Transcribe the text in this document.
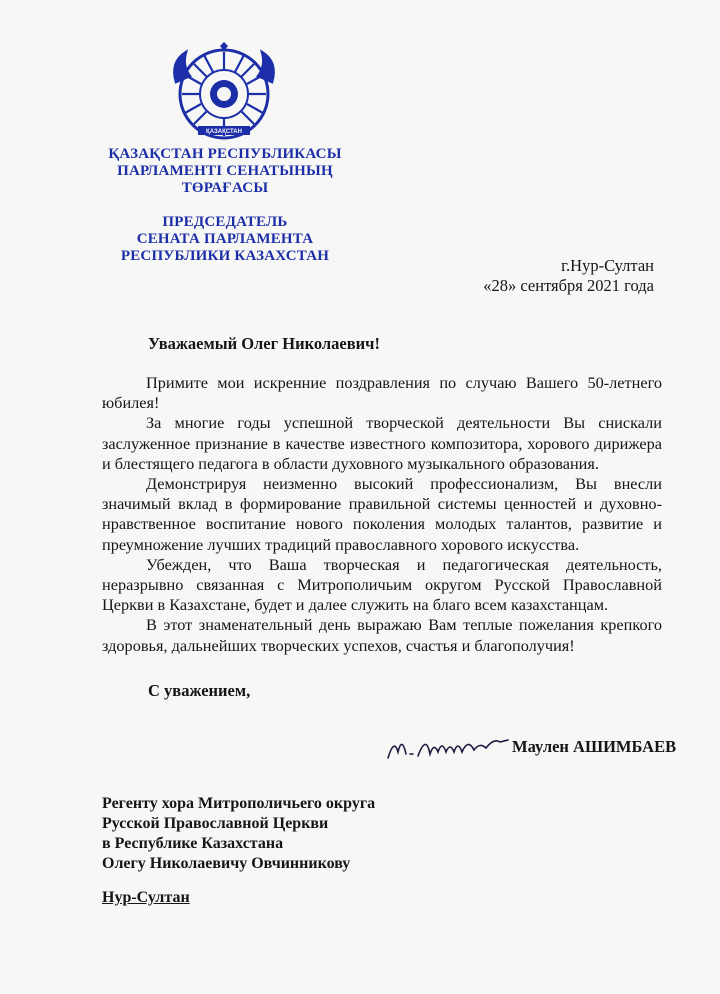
ҚАЗАҚСТАН
ҚАЗАҚСТАН РЕСПУБЛИКАСЫ
ПАРЛАМЕНТІ СЕНАТЫНЫҢ
ТӨРАҒАСЫ
ПРЕДСЕДАТЕЛЬ
СЕНАТА ПАРЛАМЕНТА
РЕСПУБЛИКИ КАЗАХСТАН	г.Нур-Султан
«28» сентября 2021 года
Уважаемый Олег Николаевич!

Примите мои искренние поздравления по случаю Вашего 50-летнего юбилея!

За многие годы успешной творческой деятельности Вы снискали заслуженное признание в качестве известного композитора, хорового дирижера и блестящего педагога в области духовного музыкального образования.

Демонстрируя неизменно высокий профессионализм, Вы внесли значимый вклад в формирование правильной системы ценностей и духовно-нравственное воспитание нового поколения молодых талантов, развитие и преумножение лучших традиций православного хорового искусства.

Убежден, что Ваша творческая и педагогическая деятельность, неразрывно связанная с Митрополичьим округом Русской Православной Церкви в Казахстане, будет и далее служить на благо всем казахстанцам.

В этот знаменательный день выражаю Вам теплые пожелания крепкого здоровья, дальнейших творческих успехов, счастья и благополучия!

С уважением,
Маулен АШИМБАЕВ
Регенту хора Митрополичьего округа
Русской Православной Церкви
в Республике Казахстана
Олегу Николаевичу Овчинникову
Нур-Султан
